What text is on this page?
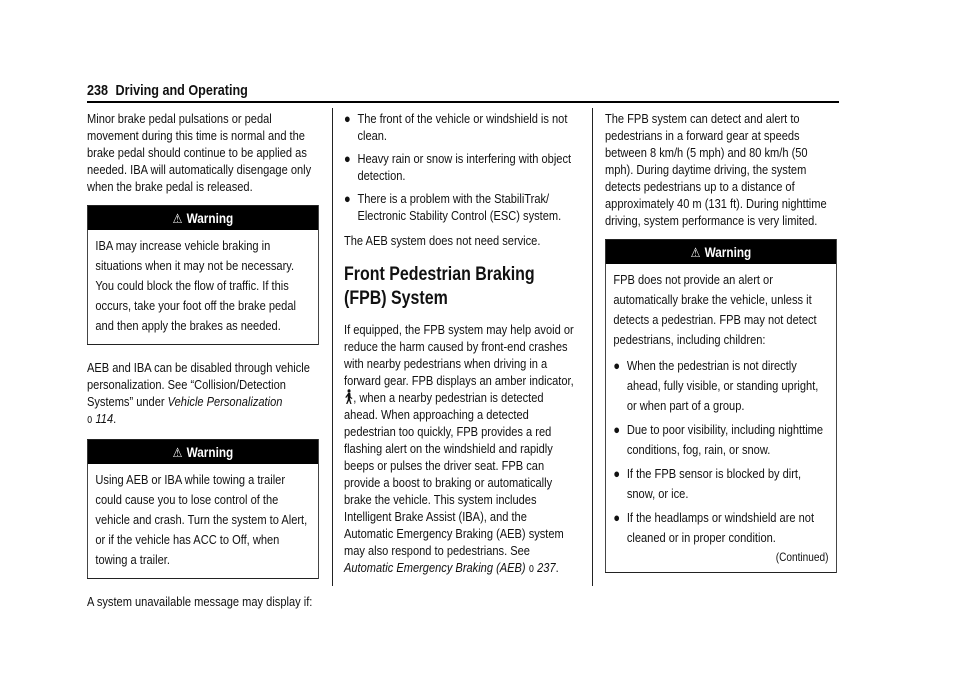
238 Driving and Operating

Minor brake pedal pulsations or pedal movement during this time is normal and the brake pedal should continue to be applied as needed. IBA will automatically disengage only when the brake pedal is released.

⚠ Warning
IBA may increase vehicle braking in situations when it may not be necessary. You could block the flow of traffic. If this occurs, take your foot off the brake pedal and then apply the brakes as needed.

AEB and IBA can be disabled through vehicle personalization. See “Collision/Detection Systems” under Vehicle Personalization
0 114.

⚠ Warning
Using AEB or IBA while towing a trailer could cause you to lose control of the vehicle and crash. Turn the system to Alert, or if the vehicle has ACC to Off, when towing a trailer.

A system unavailable message may display if:

● The front of the vehicle or windshield is not clean.
● Heavy rain or snow is interfering with object detection.
● There is a problem with the StabiliTrak/ Electronic Stability Control (ESC) system.

The AEB system does not need service.

Front Pedestrian Braking (FPB) System

If equipped, the FPB system may help avoid or reduce the harm caused by front-end crashes with nearby pedestrians when driving in a forward gear. FPB displays an amber indicator, , when a nearby pedestrian is detected ahead. When approaching a detected pedestrian too quickly, FPB provides a red flashing alert on the windshield and rapidly beeps or pulses the driver seat. FPB can provide a boost to braking or automatically brake the vehicle. This system includes Intelligent Brake Assist (IBA), and the Automatic Emergency Braking (AEB) system may also respond to pedestrians. See Automatic Emergency Braking (AEB) 0 237.

The FPB system can detect and alert to pedestrians in a forward gear at speeds between 8 km/h (5 mph) and 80 km/h (50 mph). During daytime driving, the system detects pedestrians up to a distance of approximately 40 m (131 ft). During nighttime driving, system performance is very limited.

⚠ Warning
FPB does not provide an alert or automatically brake the vehicle, unless it detects a pedestrian. FPB may not detect pedestrians, including children:
● When the pedestrian is not directly ahead, fully visible, or standing upright, or when part of a group.
● Due to poor visibility, including nighttime conditions, fog, rain, or snow.
● If the FPB sensor is blocked by dirt, snow, or ice.
● If the headlamps or windshield are not cleaned or in proper condition.
(Continued)
